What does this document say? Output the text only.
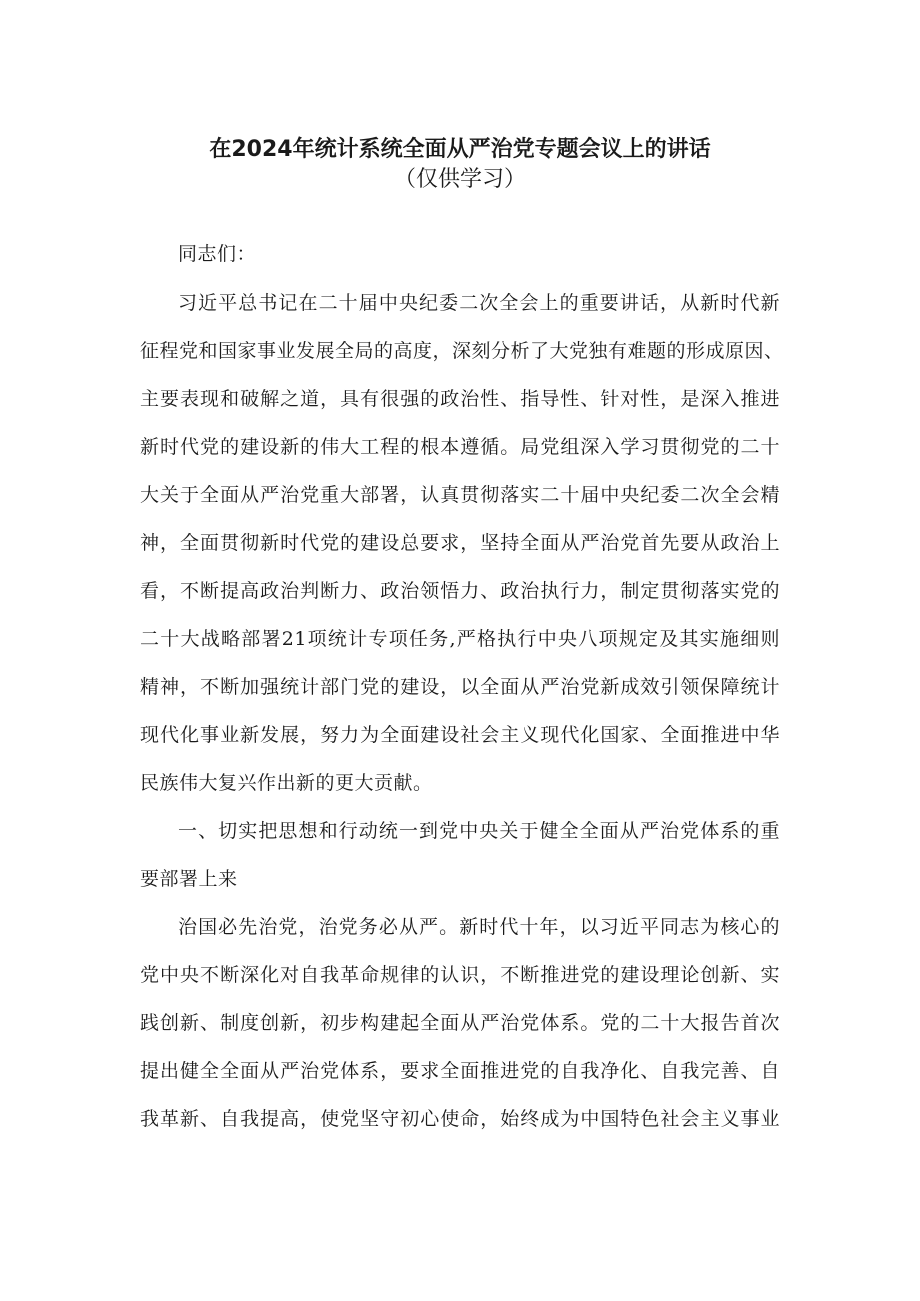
在2024年统计系统全面从严治党专题会议上的讲话
（仅供学习）
同志们：
习近平总书记在二十届中央纪委二次全会上的重要讲话，从新时代新
征程党和国家事业发展全局的高度，深刻分析了大党独有难题的形成原因、
主要表现和破解之道，具有很强的政治性、指导性、针对性，是深入推进
新时代党的建设新的伟大工程的根本遵循。局党组深入学习贯彻党的二十
大关于全面从严治党重大部署，认真贯彻落实二十届中央纪委二次全会精
神，全面贯彻新时代党的建设总要求，坚持全面从严治党首先要从政治上
看，不断提高政治判断力、政治领悟力、政治执行力，制定贯彻落实党的
二十大战略部署21项统计专项任务,严格执行中央八项规定及其实施细则
精神，不断加强统计部门党的建设，以全面从严治党新成效引领保障统计
现代化事业新发展，努力为全面建设社会主义现代化国家、全面推进中华
民族伟大复兴作出新的更大贡献。
一、切实把思想和行动统一到党中央关于健全全面从严治党体系的重
要部署上来
治国必先治党，治党务必从严。新时代十年，以习近平同志为核心的
党中央不断深化对自我革命规律的认识，不断推进党的建设理论创新、实
践创新、制度创新，初步构建起全面从严治党体系。党的二十大报告首次
提出健全全面从严治党体系，要求全面推进党的自我净化、自我完善、自
我革新、自我提高，使党坚守初心使命，始终成为中国特色社会主义事业
